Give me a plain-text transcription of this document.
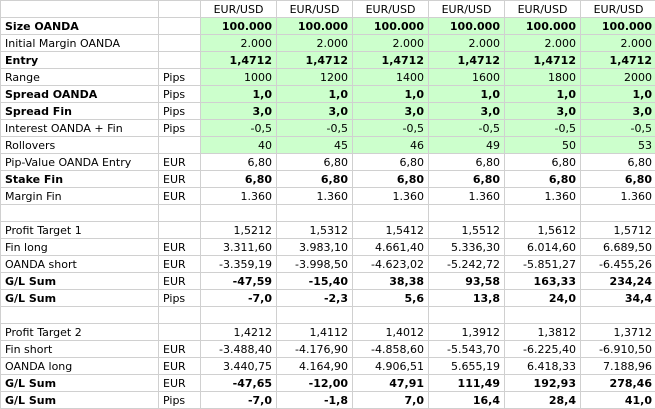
		EUR/USD	EUR/USD	EUR/USD	EUR/USD	EUR/USD	EUR/USD
Size OANDA		100.000	100.000	100.000	100.000	100.000	100.000
Initial Margin OANDA		2.000	2.000	2.000	2.000	2.000	2.000
Entry		1,4712	1,4712	1,4712	1,4712	1,4712	1,4712
Range	Pips	1000	1200	1400	1600	1800	2000
Spread OANDA	Pips	1,0	1,0	1,0	1,0	1,0	1,0
Spread Fin	Pips	3,0	3,0	3,0	3,0	3,0	3,0
Interest OANDA + Fin	Pips	-0,5	-0,5	-0,5	-0,5	-0,5	-0,5
Rollovers		40	45	46	49	50	53
Pip-Value OANDA Entry	EUR	6,80	6,80	6,80	6,80	6,80	6,80
Stake Fin	EUR	6,80	6,80	6,80	6,80	6,80	6,80
Margin Fin	EUR	1.360	1.360	1.360	1.360	1.360	1.360

Profit Target 1		1,5212	1,5312	1,5412	1,5512	1,5612	1,5712
Fin long	EUR	3.311,60	3.983,10	4.661,40	5.336,30	6.014,60	6.689,50
OANDA short	EUR	-3.359,19	-3.998,50	-4.623,02	-5.242,72	-5.851,27	-6.455,26
G/L Sum	EUR	-47,59	-15,40	38,38	93,58	163,33	234,24
G/L Sum	Pips	-7,0	-2,3	5,6	13,8	24,0	34,4

Profit Target 2		1,4212	1,4112	1,4012	1,3912	1,3812	1,3712
Fin short	EUR	-3.488,40	-4.176,90	-4.858,60	-5.543,70	-6.225,40	-6.910,50
OANDA long	EUR	3.440,75	4.164,90	4.906,51	5.655,19	6.418,33	7.188,96
G/L Sum	EUR	-47,65	-12,00	47,91	111,49	192,93	278,46
G/L Sum	Pips	-7,0	-1,8	7,0	16,4	28,4	41,0
